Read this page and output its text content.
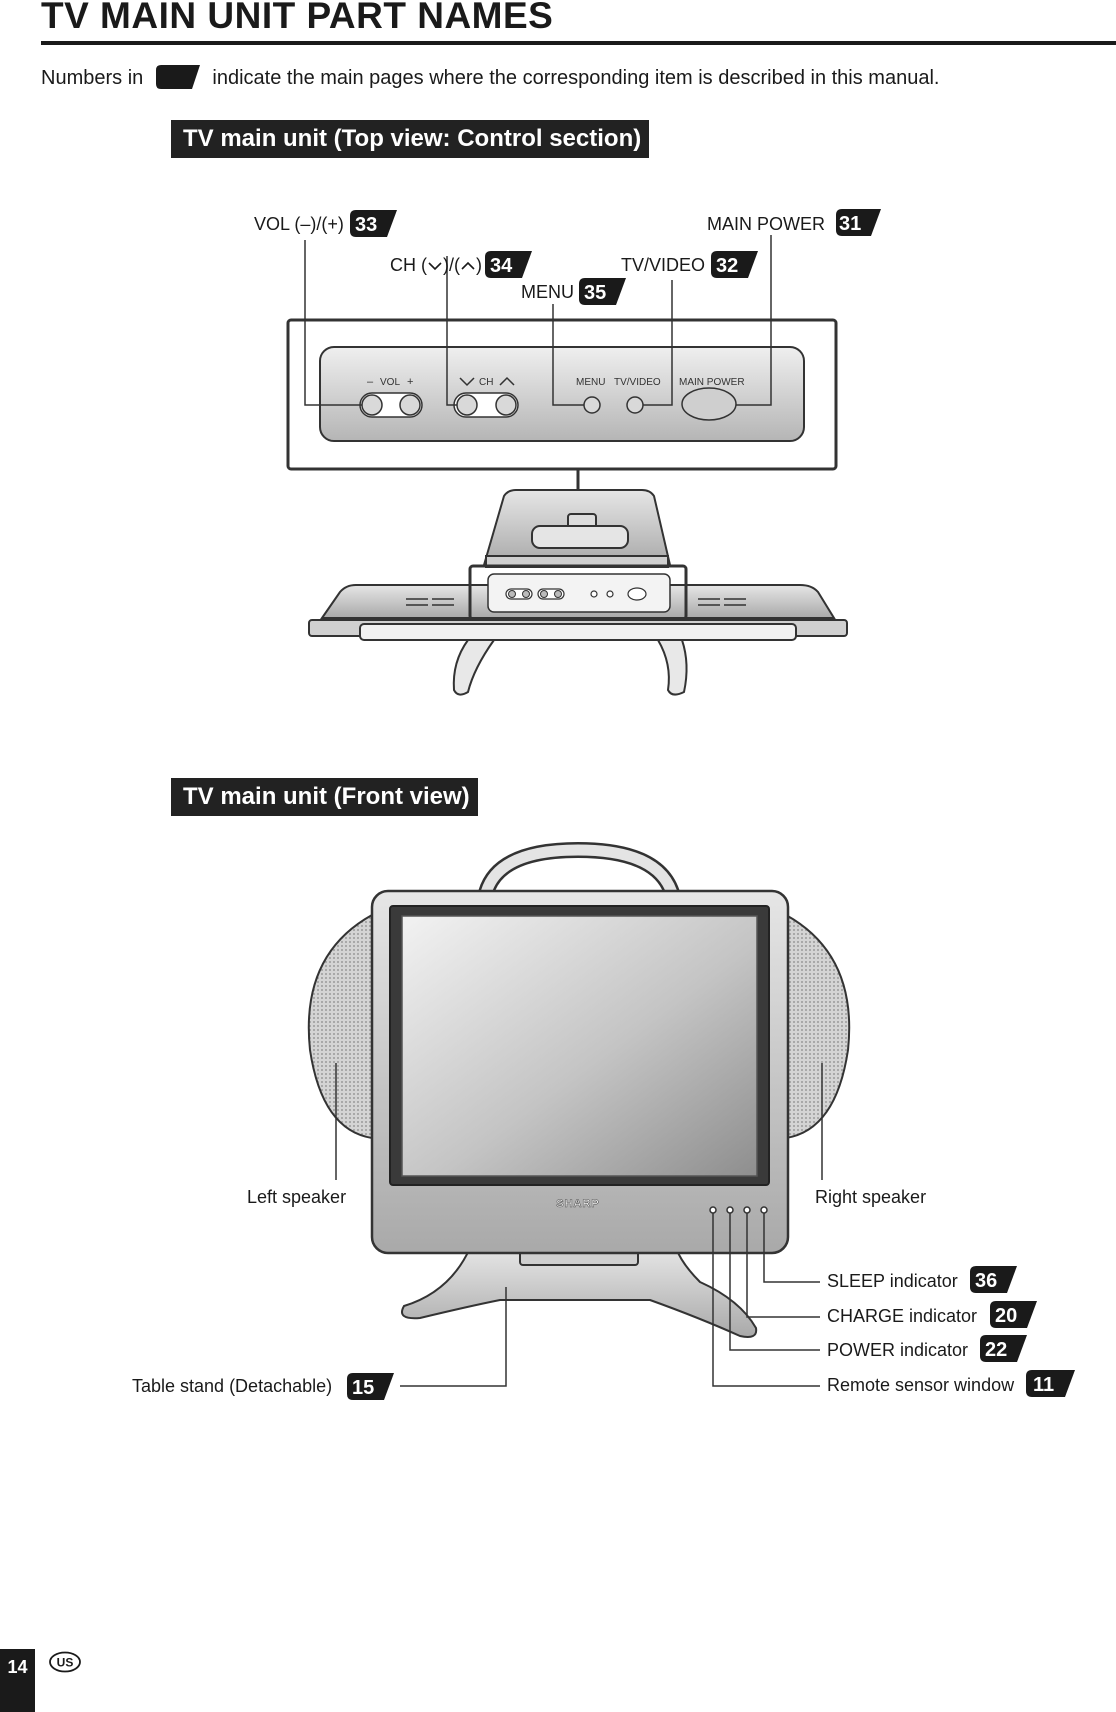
TV MAIN UNIT PART NAMES
Numbers in	indicate the main pages where the corresponding item is described in this manual.
TV main unit (Top view: Control section)
TV main unit (Front view)
– VOL +	CH	MENU TV/VIDEO MAIN POWER
SHARP
33
34
35
32
31
36
20
22
11
15
VOL (–)/(+)
CH ( )/( )
MENU
TV/VIDEO
MAIN POWER
Left speaker	Right speaker
SLEEP indicator
CHARGE indicator
POWER indicator
Remote sensor window
Table stand (Detachable)
14	US
